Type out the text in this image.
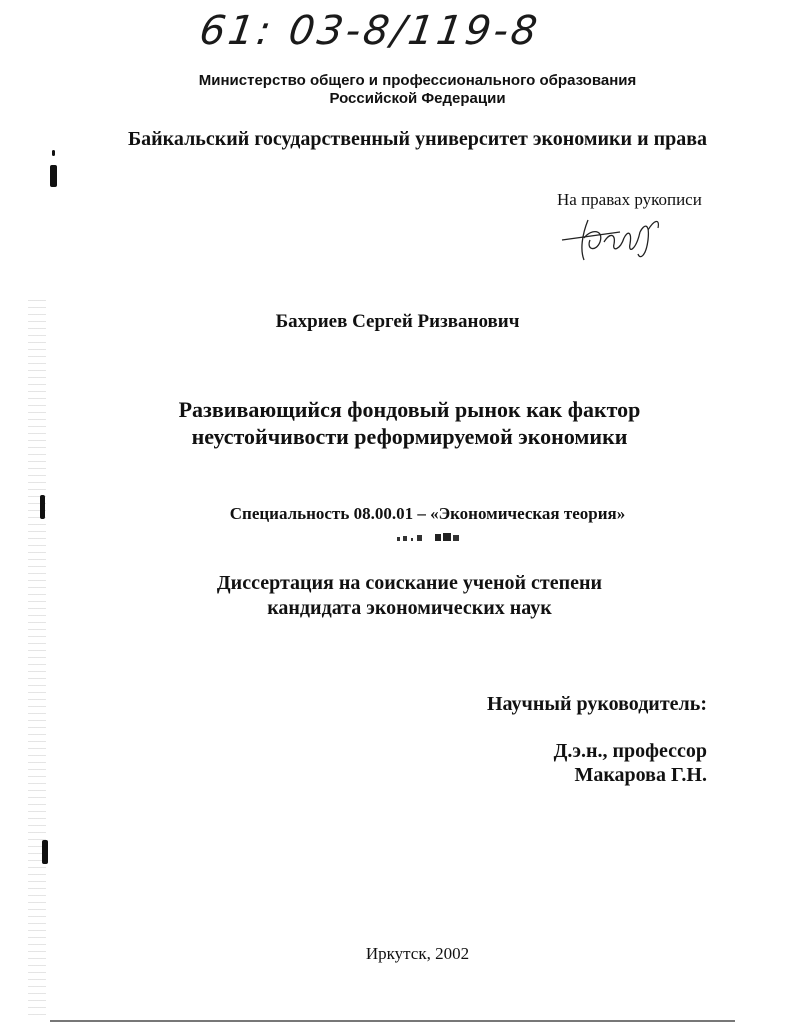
61: 03-8/119-8
Министерство общего и профессионального образования
Российской Федерации
Байкальский государственный университет экономики и права
На правах рукописи
Бахриев Сергей Ризванович
Развивающийся фондовый рынок как фактор
неустойчивости реформируемой экономики
Специальность 08.00.01 – «Экономическая теория»
Диссертация на соискание ученой степени
кандидата экономических наук
Научный руководитель:
Д.э.н., профессор
Макарова Г.Н.
Иркутск, 2002
